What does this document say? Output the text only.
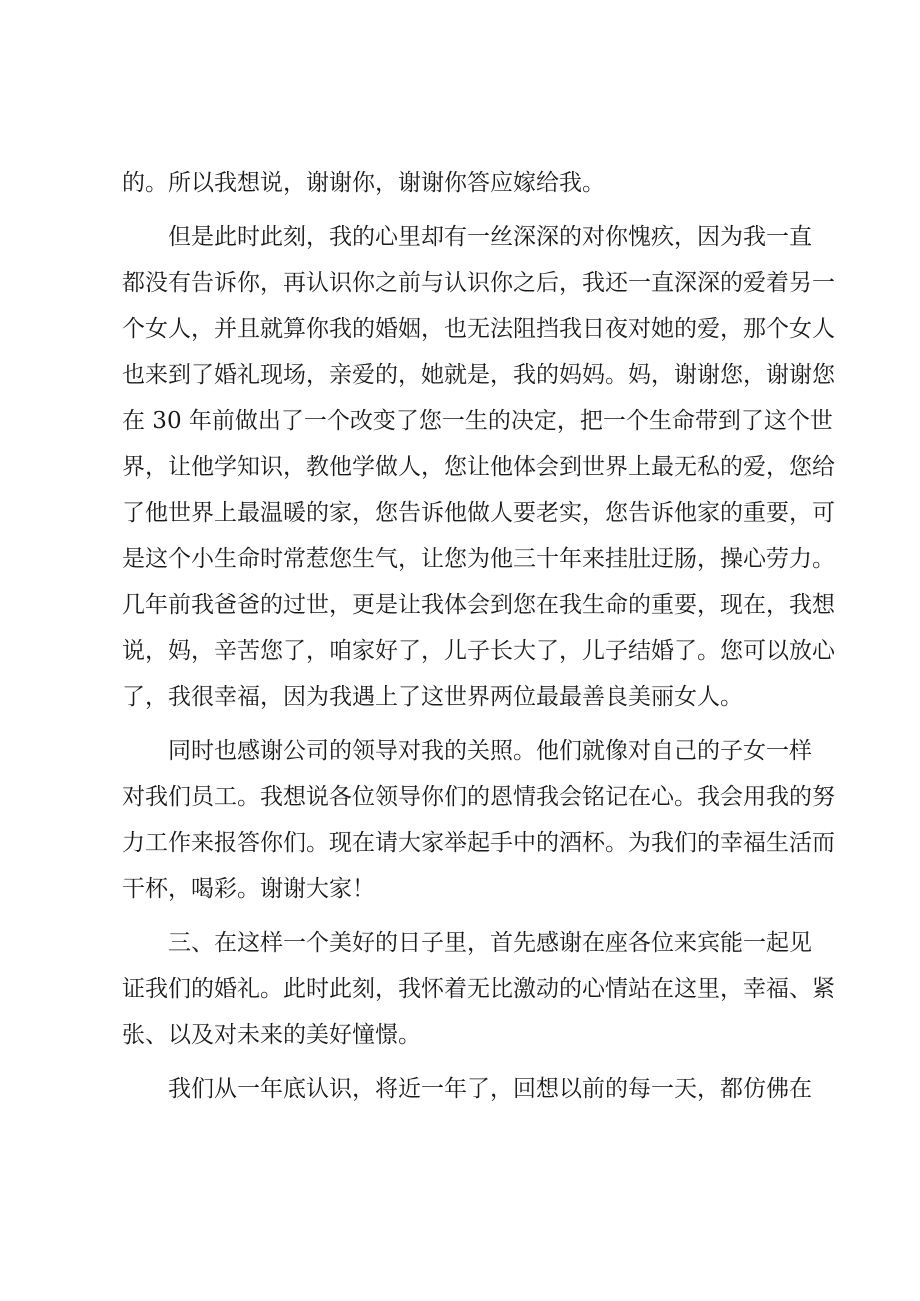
的。所以我想说，谢谢你，谢谢你答应嫁给我。

但是此时此刻，我的心里却有一丝深深的对你愧疚，因为我一直

都没有告诉你，再认识你之前与认识你之后，我还一直深深的爱着另一

个女人，并且就算你我的婚姻，也无法阻挡我日夜对她的爱，那个女人

也来到了婚礼现场，亲爱的，她就是，我的妈妈。妈，谢谢您，谢谢您

在 30 年前做出了一个改变了您一生的决定，把一个生命带到了这个世

界，让他学知识，教他学做人，您让他体会到世界上最无私的爱，您给

了他世界上最温暖的家，您告诉他做人要老实，您告诉他家的重要，可

是这个小生命时常惹您生气，让您为他三十年来挂肚迂肠，操心劳力。

几年前我爸爸的过世，更是让我体会到您在我生命的重要，现在，我想

说，妈，辛苦您了，咱家好了，儿子长大了，儿子结婚了。您可以放心

了，我很幸福，因为我遇上了这世界两位最最善良美丽女人。

同时也感谢公司的领导对我的关照。他们就像对自己的子女一样

对我们员工。我想说各位领导你们的恩情我会铭记在心。我会用我的努

力工作来报答你们。现在请大家举起手中的酒杯。为我们的幸福生活而

干杯，喝彩。谢谢大家！

三、在这样一个美好的日子里，首先感谢在座各位来宾能一起见

证我们的婚礼。此时此刻，我怀着无比激动的心情站在这里，幸福、紧

张、以及对未来的美好憧憬。

我们从一年底认识，将近一年了，回想以前的每一天，都仿佛在
